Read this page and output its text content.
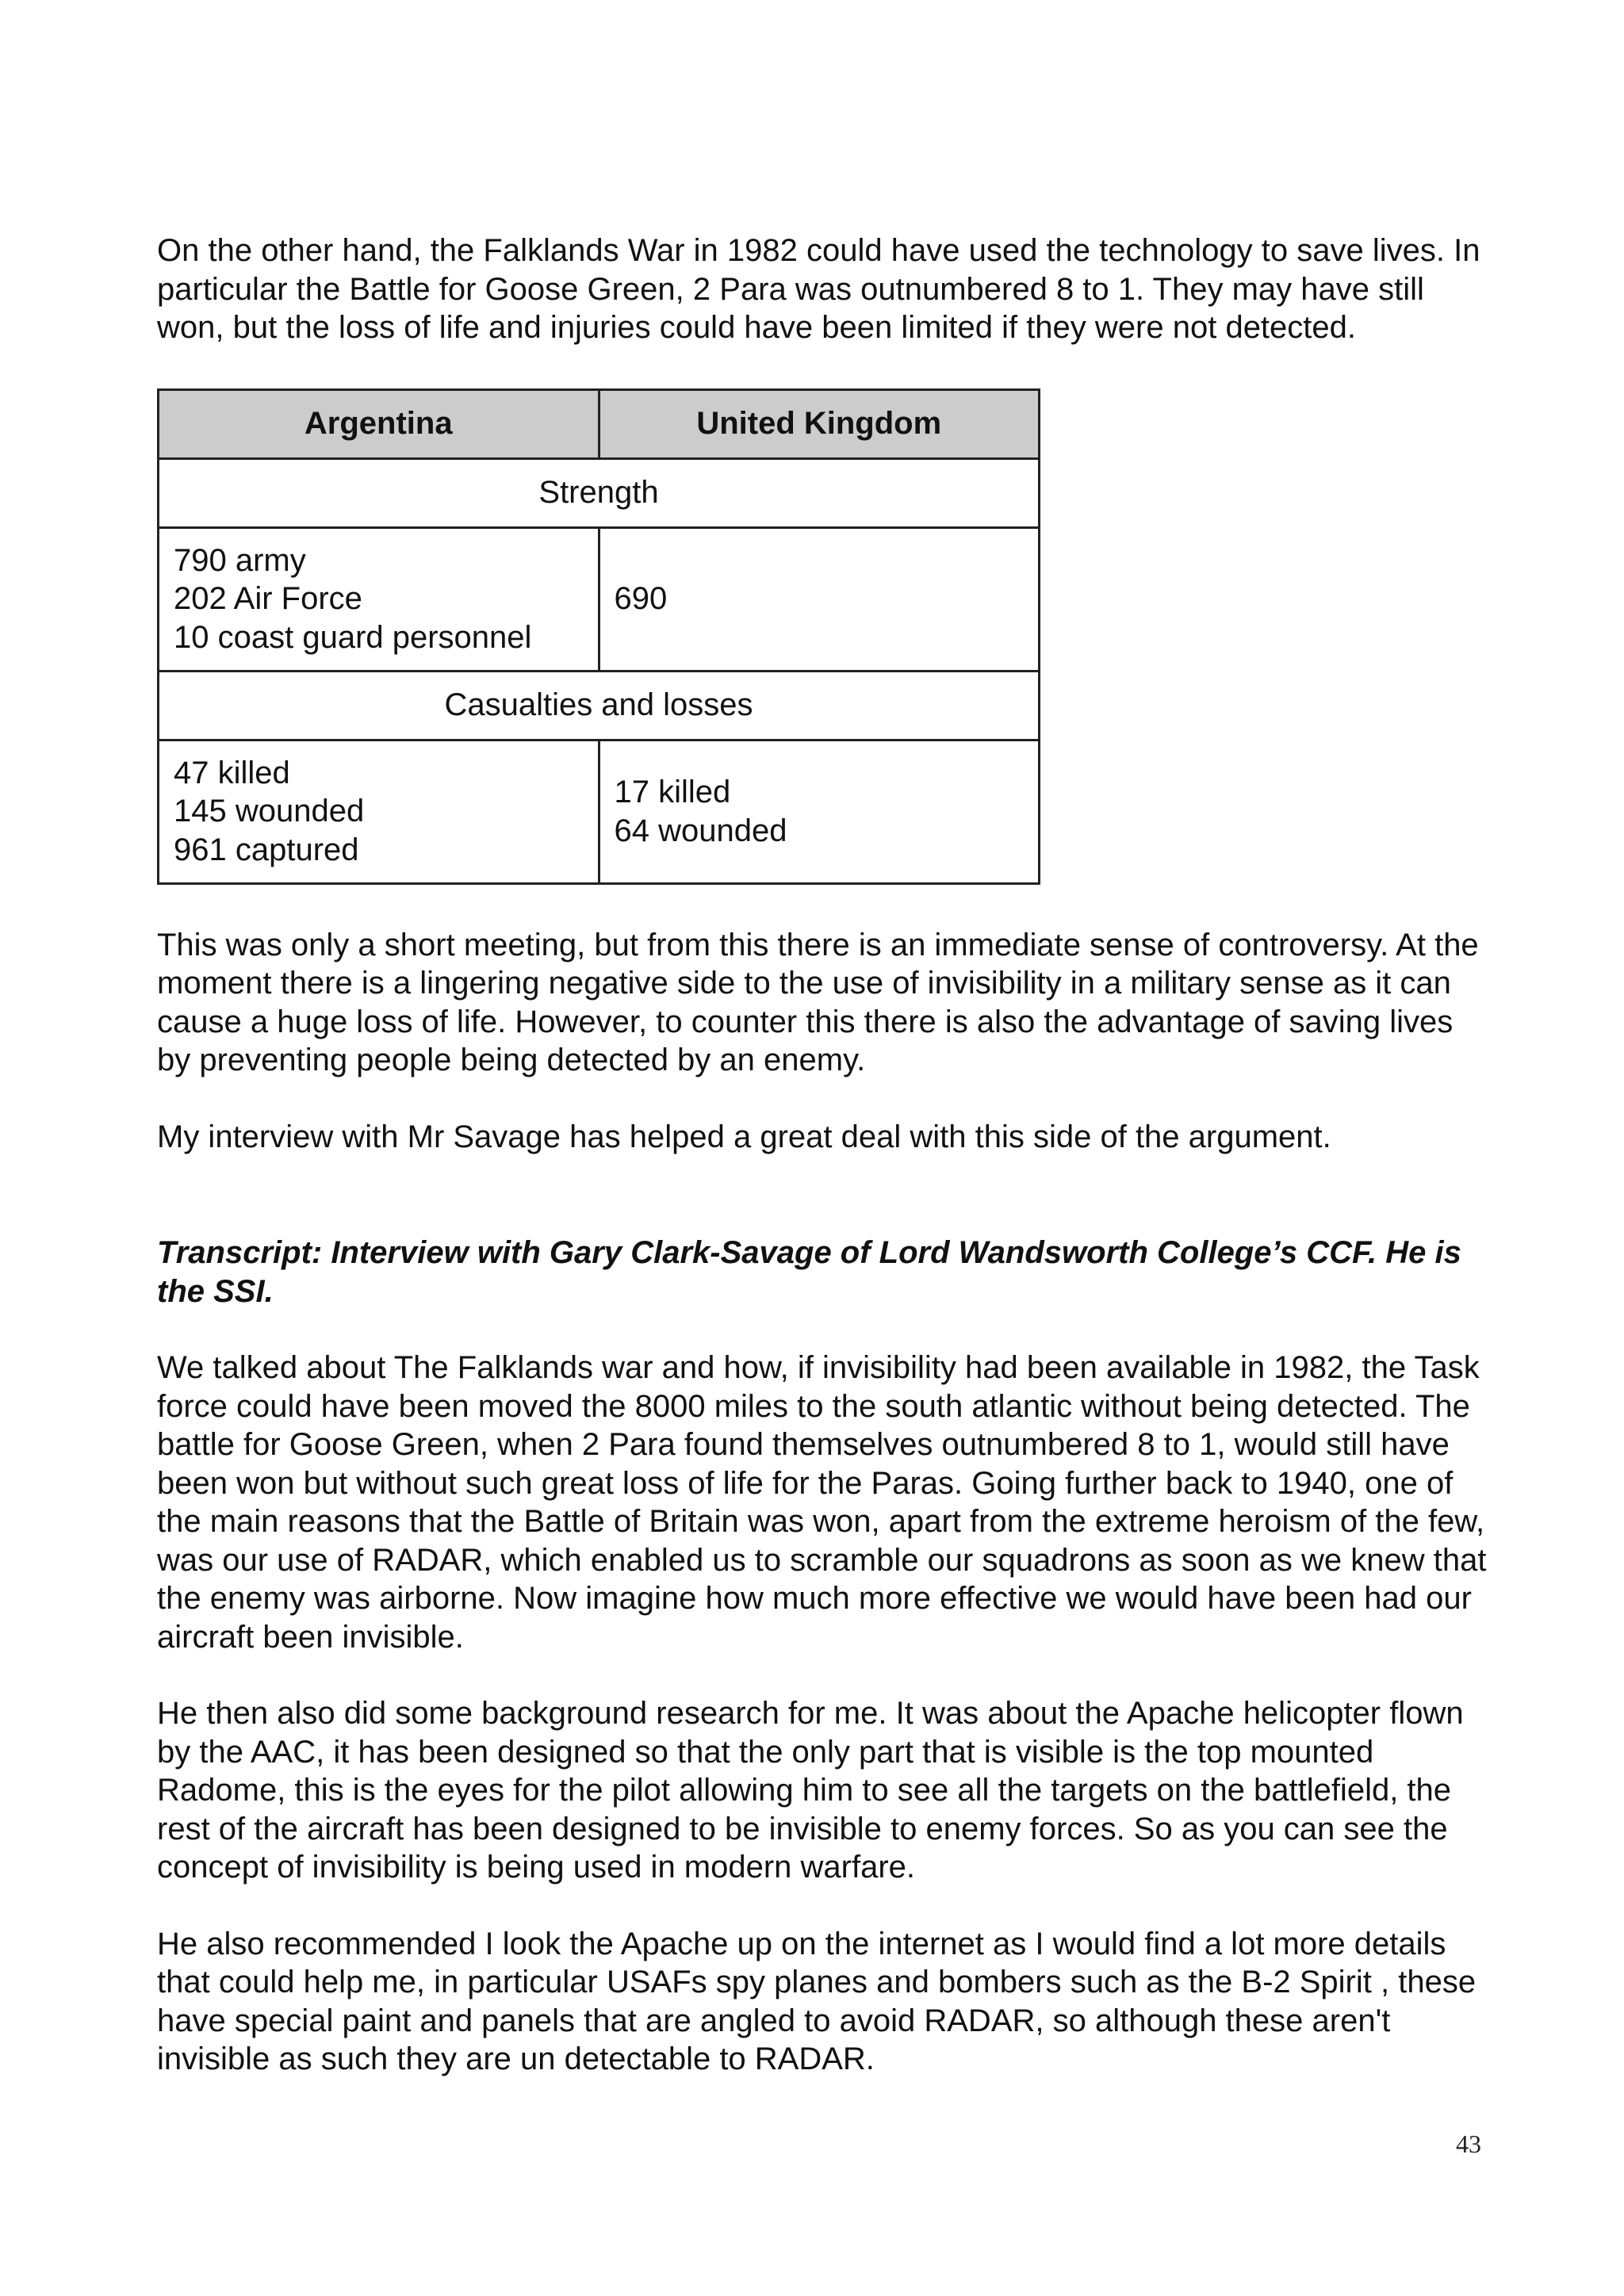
On the other hand, the Falklands War in 1982 could have used the technology to save lives. In particular the Battle for Goose Green, 2 Para was outnumbered 8 to 1. They may have still won, but the loss of life and injuries could have been limited if they were not detected.

Argentina	United Kingdom
Strength	

790 army
202 Air Force
10 coast guard personnel	690

Casualties and losses	

47 killed
145 wounded
961 captured	17 killed
64 wounded

This was only a short meeting, but from this there is an immediate sense of controversy. At the moment there is a lingering negative side to the use of invisibility in a military sense as it can cause a huge loss of life. However, to counter this there is also the advantage of saving lives by preventing people being detected by an enemy.

My interview with Mr Savage has helped a great deal with this side of the argument.

Transcript: Interview with Gary Clark-Savage of Lord Wandsworth College’s CCF. He is the SSI.

We talked about The Falklands war and how, if invisibility had been available in 1982, the Task force could have been moved the 8000 miles to the south atlantic without being detected. The battle for Goose Green, when 2 Para found themselves outnumbered 8 to 1, would still have been won but without such great loss of life for the Paras. Going further back to 1940, one of the main reasons that the Battle of Britain was won, apart from the extreme heroism of the few, was our use of RADAR, which enabled us to scramble our squadrons as soon as we knew that the enemy was airborne. Now imagine how much more effective we would have been had our aircraft been invisible.

He then also did some background research for me. It was about the Apache helicopter flown by the AAC, it has been designed so that the only part that is visible is the top mounted Radome, this is the eyes for the pilot allowing him to see all the targets on the battlefield, the rest of the aircraft has been designed to be invisible to enemy forces. So as you can see the concept of invisibility is being used in modern warfare.

He also recommended I look the Apache up on the internet as I would find a lot more details that could help me, in particular USAFs spy planes and bombers such as the B-2 Spirit , these have special paint and panels that are angled to avoid RADAR, so although these aren't invisible as such they are un detectable to RADAR.

43
